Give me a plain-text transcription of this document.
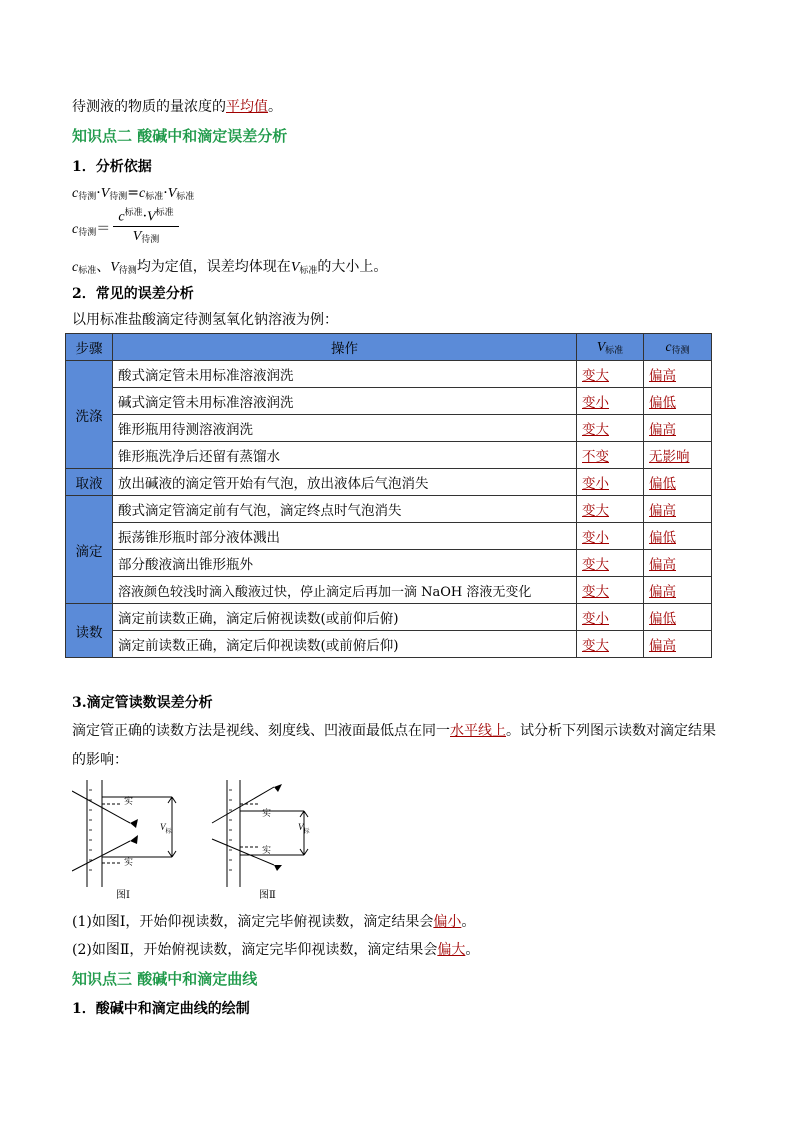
待测液的物质的量浓度的平均值。
知识点二 酸碱中和滴定误差分析
1．分析依据
$c_{待测}\cdot V_{待测}=c_{标准}\cdot V_{标准}$
$c_{待测}=$
$c^{标准}\cdot V^{标准}$
$V_{待测}$
$c_{标准}$、$V_{待测}$均为定值，误差均体现在$V_{标准}$的大小上。
2．常见的误差分析
以用标准盐酸滴定待测氢氧化钠溶液为例：
步骤	操作	$V_{标准}$	$c_{待测}$
洗涤	酸式滴定管未用标准溶液润洗	变大	偏高
	碱式滴定管未用标准溶液润洗	变小	偏低
	锥形瓶用待测溶液润洗	变大	偏高
	锥形瓶洗净后还留有蒸馏水	不变	无影响
取液	放出碱液的滴定管开始有气泡，放出液体后气泡消失	变小	偏低
滴定	酸式滴定管滴定前有气泡，滴定终点时气泡消失	变大	偏高
	振荡锥形瓶时部分液体溅出	变小	偏低
	部分酸液滴出锥形瓶外	变大	偏高
	溶液颜色较浅时滴入酸液过快，停止滴定后再加一滴 NaOH 溶液无变化	变大	偏高
读数	滴定前读数正确，滴定后俯视读数(或前仰后俯)	变小	偏低
	滴定前读数正确，滴定后仰视读数(或前俯后仰)	变大	偏高
3.滴定管读数误差分析
滴定管正确的读数方法是视线、刻度线、凹液面最低点在同一水平线上。试分析下列图示读数对滴定结果
的影响：
实
实
$V_标$
实
实
$V_标$
图Ⅰ	图Ⅱ
(1)如图Ⅰ，开始仰视读数，滴定完毕俯视读数，滴定结果会偏小。
(2)如图Ⅱ，开始俯视读数，滴定完毕仰视读数，滴定结果会偏大。
知识点三 酸碱中和滴定曲线
1．酸碱中和滴定曲线的绘制
